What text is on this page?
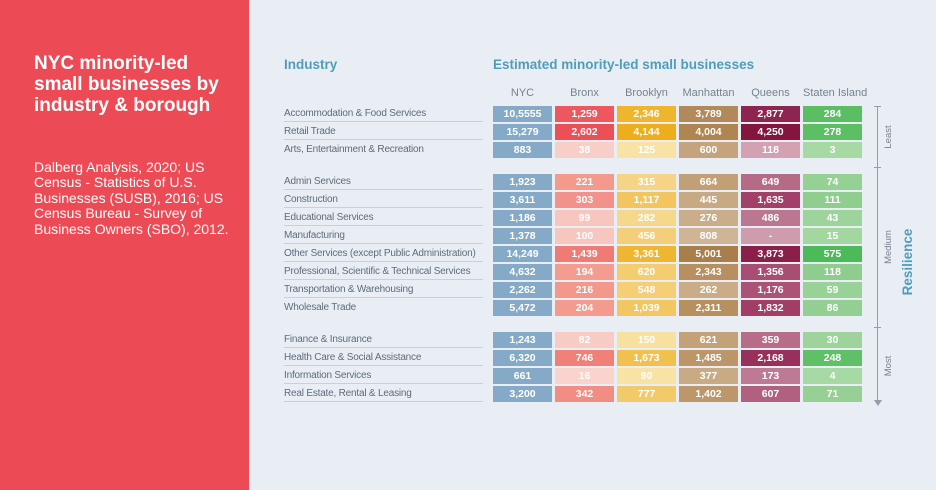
NYC minority-led small businesses by industry & borough
Dalberg Analysis, 2020; US Census - Statistics of U.S. Businesses (SUSB), 2016; US Census Bureau - Survey of Business Owners (SBO), 2012.
Industry	Estimated minority-led small businesses
NYC	Bronx	Brooklyn	Manhattan	Queens	Staten Island
Accommodation & Food Services	10,5555	1,259	2,346	3,789	2,877	284
Retail Trade	15,279	2,602	4,144	4,004	4,250	278
Arts, Entertainment & Recreation	883	38	125	600	118	3
Admin Services	1,923	221	315	664	649	74
Construction	3,611	303	1,117	445	1,635	111
Educational Services	1,186	99	282	276	486	43
Manufacturing	1,378	100	456	808	-	15
Other Services (except Public Administration)	14,249	1,439	3,361	5,001	3,873	575
Professional, Scientific & Technical Services	4,632	194	620	2,343	1,356	118
Transportation & Warehousing	2,262	216	548	262	1,176	59
Wholesale Trade	5,472	204	1,039	2,311	1,832	86
Finance & Insurance	1,243	82	150	621	359	30
Health Care & Social Assistance	6,320	746	1,673	1,485	2,168	248
Information Services	661	16	90	377	173	4
Real Estate, Rental & Leasing	3,200	342	777	1,402	607	71
Least
Medium
Most
Resilience
